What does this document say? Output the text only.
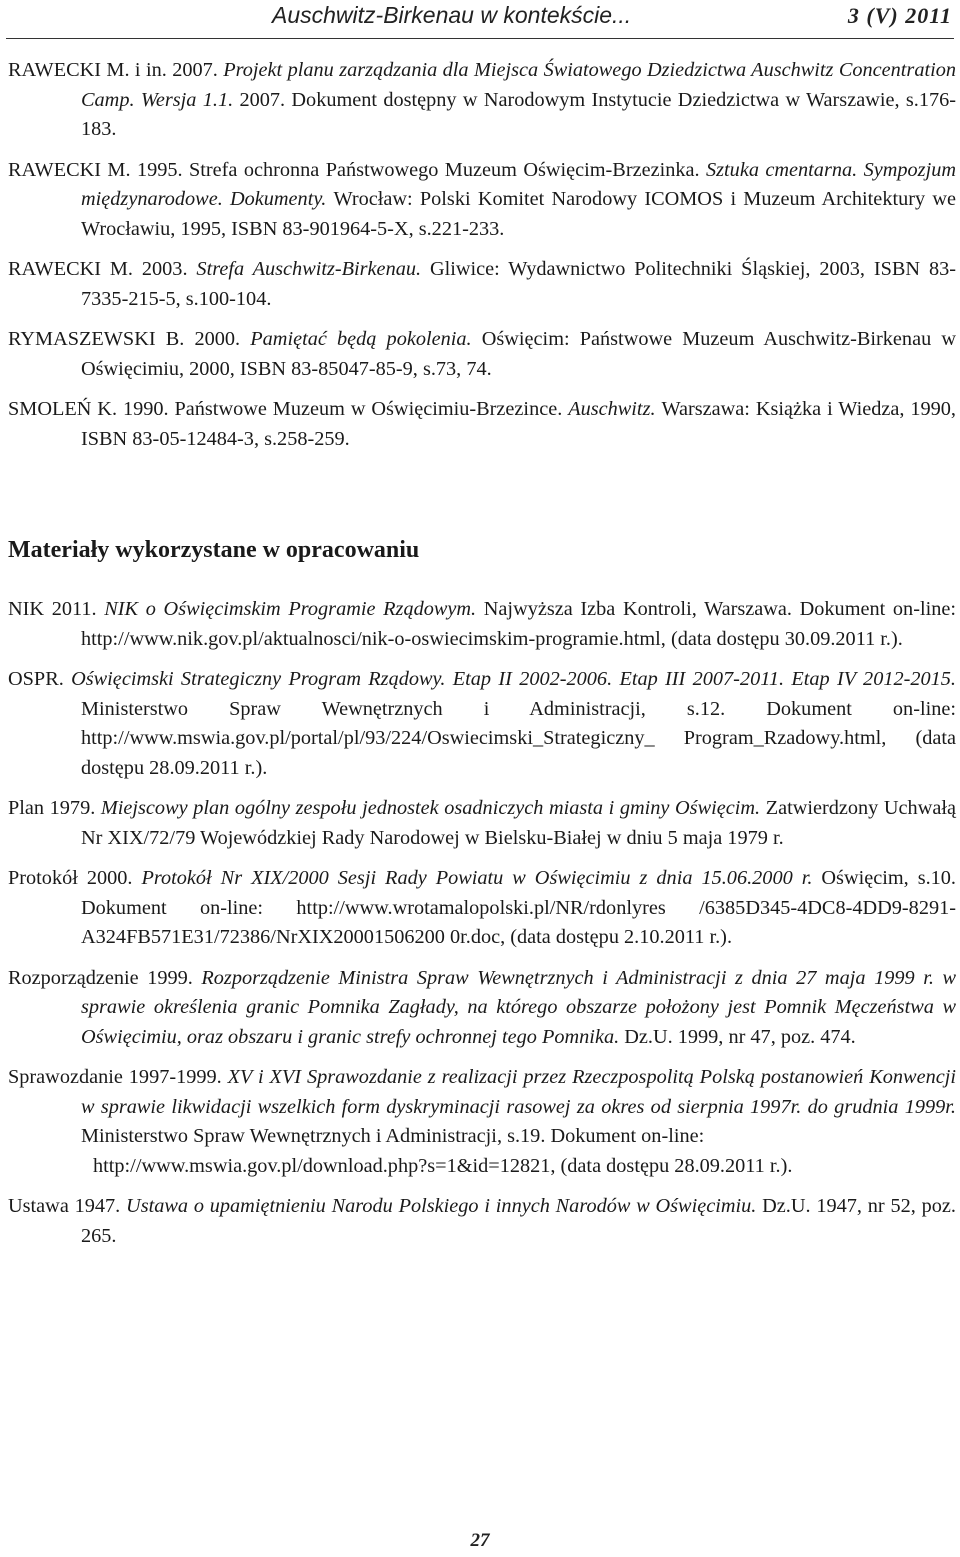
Auschwitz-Birkenau w kontekście...	3 (V) 2011
RAWECKI M. i in. 2007. Projekt planu zarządzania dla Miejsca Światowego Dziedzictwa Auschwitz Concentration Camp. Wersja 1.1. 2007. Dokument dostępny w Narodowym Instytucie Dziedzictwa w Warszawie, s.176-183.
RAWECKI M. 1995. Strefa ochronna Państwowego Muzeum Oświęcim-Brzezinka. Sztuka cmentarna. Sympozjum międzynarodowe. Dokumenty. Wrocław: Polski Komitet Narodowy ICOMOS i Muzeum Architektury we Wrocławiu, 1995, ISBN 83-901964-5-X, s.221-233.
RAWECKI M. 2003. Strefa Auschwitz-Birkenau. Gliwice: Wydawnictwo Politechniki Śląskiej, 2003, ISBN 83-7335-215-5, s.100-104.
RYMASZEWSKI B. 2000. Pamiętać będą pokolenia. Oświęcim: Państwowe Muzeum Auschwitz-Birkenau w Oświęcimiu, 2000, ISBN 83-85047-85-9, s.73, 74.
SMOLEŃ K. 1990. Państwowe Muzeum w Oświęcimiu-Brzezince. Auschwitz. Warszawa: Książka i Wiedza, 1990, ISBN 83-05-12484-3, s.258-259.
Materiały wykorzystane w opracowaniu
NIK 2011. NIK o Oświęcimskim Programie Rządowym. Najwyższa Izba Kontroli, Warszawa. Dokument on-line: http://www.nik.gov.pl/aktualnosci/nik-o-oswiecimskim-programie.html, (data dostępu 30.09.2011 r.).
OSPR. Oświęcimski Strategiczny Program Rządowy. Etap II 2002-2006. Etap III 2007-2011. Etap IV 2012-2015. Ministerstwo Spraw Wewnętrznych i Administracji, s.12. Dokument on-line: http://www.mswia.gov.pl/portal/pl/93/224/Oswiecimski_Strategiczny_ Program_Rzadowy.html, (data dostępu 28.09.2011 r.).
Plan 1979. Miejscowy plan ogólny zespołu jednostek osadniczych miasta i gminy Oświęcim. Zatwierdzony Uchwałą Nr XIX/72/79 Wojewódzkiej Rady Narodowej w Bielsku-Białej w dniu 5 maja 1979 r.
Protokół 2000. Protokół Nr XIX/2000 Sesji Rady Powiatu w Oświęcimiu z dnia 15.06.2000 r. Oświęcim, s.10. Dokument on-line: http://www.wrotamalopolski.pl/NR/rdonlyres /6385D345-4DC8-4DD9-8291-A324FB571E31/72386/NrXIX20001506200 0r.doc, (data dostępu 2.10.2011 r.).
Rozporządzenie 1999. Rozporządzenie Ministra Spraw Wewnętrznych i Administracji z dnia 27 maja 1999 r. w sprawie określenia granic Pomnika Zagłady, na którego obszarze położony jest Pomnik Męczeństwa w Oświęcimiu, oraz obszaru i granic strefy ochronnej tego Pomnika. Dz.U. 1999, nr 47, poz. 474.
Sprawozdanie 1997-1999. XV i XVI Sprawozdanie z realizacji przez Rzeczpospolitą Polską postanowień Konwencji w sprawie likwidacji wszelkich form dyskryminacji rasowej za okres od sierpnia 1997r. do grudnia 1999r. Ministerstwo Spraw Wewnętrznych i Administracji, s.19. Dokument on-line:
http://www.mswia.gov.pl/download.php?s=1&id=12821, (data dostępu 28.09.2011 r.).
Ustawa 1947. Ustawa o upamiętnieniu Narodu Polskiego i innych Narodów w Oświęcimiu. Dz.U. 1947, nr 52, poz. 265.
27
